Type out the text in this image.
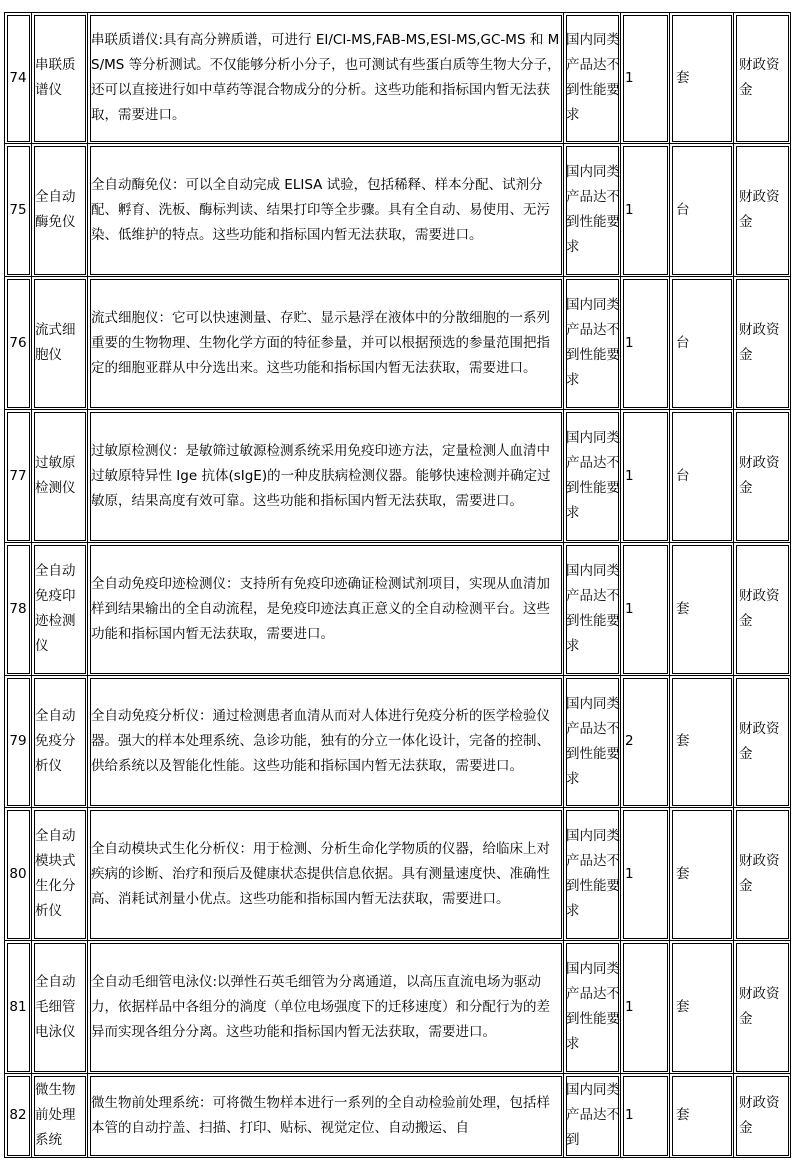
74	串联质谱仪	串联质谱仪:具有高分辨质谱，可进行 EI/CI-MS,FAB-MS,ESI-MS,GC-MS 和 MS/MS 等分析测试。不仅能够分析小分子，也可测试有些蛋白质等生物大分子，还可以直接进行如中草药等混合物成分的分析。这些功能和指标国内暂无法获取，需要进口。	国内同类产品达不到性能要求	1	套	财政资金
75	全自动酶免仪	全自动酶免仪：可以全自动完成 ELISA 试验，包括稀释、样本分配、试剂分配、孵育、洗板、酶标判读、结果打印等全步骤。具有全自动、易使用、无污染、低维护的特点。这些功能和指标国内暂无法获取，需要进口。	国内同类产品达不到性能要求	1	台	财政资金
76	流式细胞仪	流式细胞仪：它可以快速测量、存贮、显示悬浮在液体中的分散细胞的一系列重要的生物物理、生物化学方面的特征参量，并可以根据预选的参量范围把指定的细胞亚群从中分选出来。这些功能和指标国内暂无法获取，需要进口。	国内同类产品达不到性能要求	1	台	财政资金
77	过敏原检测仪	过敏原检测仪：是敏筛过敏源检测系统采用免疫印迹方法，定量检测人血清中过敏原特异性 Ige 抗体(sIgE)的一种皮肤病检测仪器。能够快速检测并确定过敏原，结果高度有效可靠。这些功能和指标国内暂无法获取，需要进口。	国内同类产品达不到性能要求	1	台	财政资金
78	全自动免疫印迹检测仪	全自动免疫印迹检测仪：支持所有免疫印迹确证检测试剂项目，实现从血清加样到结果输出的全自动流程，是免疫印迹法真正意义的全自动检测平台。这些功能和指标国内暂无法获取，需要进口。	国内同类产品达不到性能要求	1	套	财政资金
79	全自动免疫分析仪	全自动免疫分析仪：通过检测患者血清从而对人体进行免疫分析的医学检验仪器。强大的样本处理系统、急诊功能，独有的分立一体化设计，完备的控制、供给系统以及智能化性能。这些功能和指标国内暂无法获取，需要进口。	国内同类产品达不到性能要求	2	套	财政资金
80	全自动模块式生化分析仪	全自动模块式生化分析仪：用于检测、分析生命化学物质的仪器，给临床上对疾病的诊断、治疗和预后及健康状态提供信息依据。具有测量速度快、准确性高、消耗试剂量小优点。这些功能和指标国内暂无法获取，需要进口。	国内同类产品达不到性能要求	1	套	财政资金
81	全自动毛细管电泳仪	全自动毛细管电泳仪:以弹性石英毛细管为分离通道，以高压直流电场为驱动力，依据样品中各组分的淌度（单位电场强度下的迁移速度）和分配行为的差异而实现各组分分离。这些功能和指标国内暂无法获取，需要进口。	国内同类产品达不到性能要求	1	套	财政资金
82	微生物前处理系统	微生物前处理系统：可将微生物样本进行一系列的全自动检验前处理，包括样本管的自动拧盖、扫描、打印、贴标、视觉定位、自动搬运、自	国内同类产品达不到	1	套	财政资金
